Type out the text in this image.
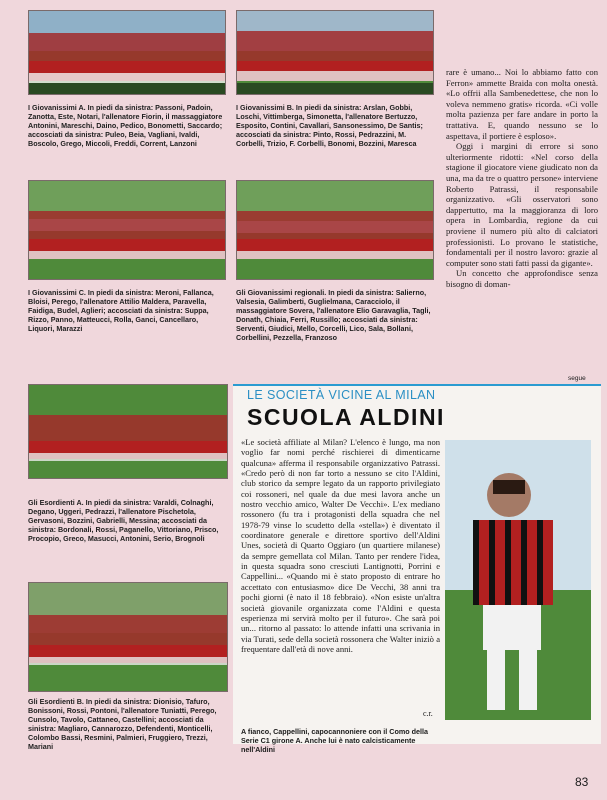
I Giovanissimi A. In piedi da sinistra: Passoni, Padoin, Zanotta, Este, Notari, l'allenatore Fiorin, il massaggiatore Antonini, Mareschi, Daino, Pedico, Bonometti, Saccardo; accosciati da sinistra: Puleo, Beia, Vagliani, Ivaldi, Boscolo, Grego, Miccoli, Freddi, Corrent, Lanzoni
I Giovanissimi B. In piedi da sinistra: Arslan, Gobbi, Loschi, Vittimberga, Simonetta, l'allenatore Bertuzzo, Esposito, Contini, Cavallari, Sansonessimo, De Santis; accosciati da sinistra: Pinto, Rossi, Pedrazzini, M. Corbelli, Trizio, F. Corbelli, Bonomi, Bozzini, Maresca
I Giovanissimi C. In piedi da sinistra: Meroni, Fallanca, Bloisi, Perego, l'allenatore Attilio Maldera, Paravella, Faidiga, Budel, Aglieri; accosciati da sinistra: Suppa, Rizzo, Panno, Matteucci, Rolla, Ganci, Cancellaro, Liquori, Marazzi
Gli Giovanissimi regionali. In piedi da sinistra: Salierno, Valsesia, Galimberti, Guglielmana, Caracciolo, il massaggiatore Sovera, l'allenatore Elio Garavaglia, Tagli, Donath, Chiaia, Ferri, Russillo; accosciati da sinistra: Serventi, Giudici, Mello, Corcelli, Lico, Sala, Bollani, Corbellini, Pezzella, Franzoso
Gli Esordienti A. In piedi da sinistra: Varaldi, Colnaghi, Degano, Uggeri, Pedrazzi, l'allenatore Pischetola, Gervasoni, Bozzini, Gabrielli, Messina; accosciati da sinistra: Bordonali, Rossi, Paganello, Vittoriano, Prisco, Procopio, Greco, Masucci, Antonini, Serio, Brognoli
Gli Esordienti B. In piedi da sinistra: Dionisio, Tafuro, Bonissoni, Rossi, Pontoni, l'allenatore Tuniatti, Perego, Cunsolo, Tavolo, Cattaneo, Castellini; accosciati da sinistra: Magliaro, Cannarozzo, Defendenti, Monticelli, Colombo Bassi, Resmini, Palmieri, Fruggiero, Trezzi, Mariani

rare è umano... Noi lo abbiamo fatto con Ferron» ammette Braida con molta onestà. «Lo offrii alla Sambenedettese, che non lo voleva nemmeno gratis» ricorda. «Ci volle molta pazienza per fare andare in porto la trattativa. E, quando nessuno se lo aspettava, il portiere è esploso».

Oggi i margini di errore si sono ulteriormente ridotti: «Nel corso della stagione il giocatore viene giudicato non da una, ma da tre o quattro persone» interviene Roberto Patrassi, il responsabile organizzativo. «Gli osservatori sono dappertutto, ma la maggioranza di loro opera in Lombardia, regione da cui proviene il numero più alto di calciatori professionisti. Lo provano le statistiche, fondamentali per il nostro lavoro: grazie al computer sono stati fatti passi da gigante».

Un concetto che approfondisce senza bisogno di doman-

segue
LE SOCIETÀ VICINE AL MILAN
SCUOLA ALDINI
«Le società affiliate al Milan? L'elenco è lungo, ma non voglio far nomi perché rischierei di dimenticarne qualcuna» afferma il responsabile organizzativo Patrassi. «Credo però di non far torto a nessuno se cito l'Aldini, club storico da sempre legato da un rapporto privilegiato coi rossoneri, nel quale da due mesi lavora anche un nostro vecchio amico, Walter De Vecchi». L'ex mediano rossonero (fu tra i protagonisti della squadra che nel 1978-79 vinse lo scudetto della «stella») è diventato il coordinatore generale e direttore sportivo dell'Aldini Unes, società di Quarto Oggiaro (un quartiere milanese) da sempre gemellata col Milan. Tanto per rendere l'idea, in questa squadra sono cresciuti Lantignotti, Porrini e Cappellini... «Quando mi è stato proposto di entrare ho accettato con entusiasmo» dice De Vecchi, 38 anni tra pochi giorni (è nato il 18 febbraio). «Non esiste un'altra società giovanile organizzata come l'Aldini e questa esperienza mi servirà molto per il futuro». Che sarà poi un... ritorno al passato: lo attende infatti una scrivania in via Turati, sede della società rossonera che Walter iniziò a frequentare dall'età di nove anni.
c.r.
A fianco, Cappellini, capocannoniere con il Como della Serie C1 girone A. Anche lui è nato calcisticamente nell'Aldini
83
